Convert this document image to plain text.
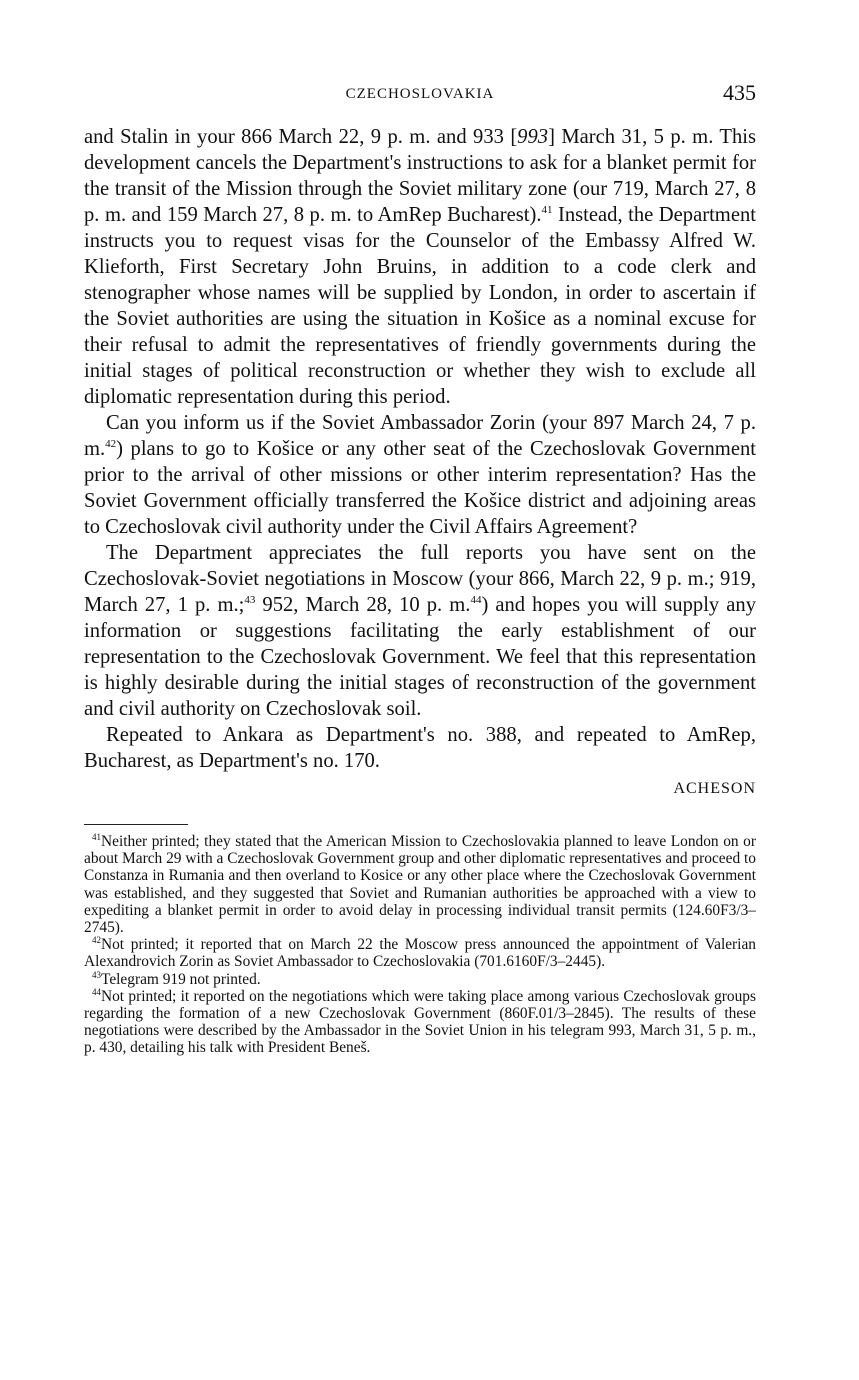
CZECHOSLOVAKIA	435

and Stalin in your 866 March 22, 9 p. m. and 933 [993] March 31, 5 p. m. This development cancels the Department's instructions to ask for a blanket permit for the transit of the Mission through the Soviet military zone (our 719, March 27, 8 p. m. and 159 March 27, 8 p. m. to AmRep Bucharest).$^{41}$ Instead, the Department instructs you to request visas for the Counselor of the Embassy Alfred W. Klieforth, First Secretary John Bruins, in addition to a code clerk and stenographer whose names will be supplied by London, in order to ascertain if the Soviet authorities are using the situation in Košice as a nominal excuse for their refusal to admit the representatives of friendly governments during the initial stages of political reconstruction or whether they wish to exclude all diplomatic representation during this period.

Can you inform us if the Soviet Ambassador Zorin (your 897 March 24, 7 p. m.$^{42}$) plans to go to Košice or any other seat of the Czechoslovak Government prior to the arrival of other missions or other interim representation? Has the Soviet Government officially transferred the Košice district and adjoining areas to Czechoslovak civil authority under the Civil Affairs Agreement?

The Department appreciates the full reports you have sent on the Czechoslovak-Soviet negotiations in Moscow (your 866, March 22, 9 p. m.; 919, March 27, 1 p. m.;$^{43}$ 952, March 28, 10 p. m.$^{44}$) and hopes you will supply any information or suggestions facilitating the early establishment of our representation to the Czechoslovak Government. We feel that this representation is highly desirable during the initial stages of reconstruction of the government and civil authority on Czechoslovak soil.

Repeated to Ankara as Department's no. 388, and repeated to AmRep, Bucharest, as Department's no. 170.

ACHESON

$^{41}$Neither printed; they stated that the American Mission to Czechoslovakia planned to leave London on or about March 29 with a Czechoslovak Government group and other diplomatic representatives and proceed to Constanza in Rumania and then overland to Kosice or any other place where the Czechoslovak Government was established, and they suggested that Soviet and Rumanian authorities be approached with a view to expediting a blanket permit in order to avoid delay in processing individual transit permits (124.60F3/3–2745).

$^{42}$Not printed; it reported that on March 22 the Moscow press announced the appointment of Valerian Alexandrovich Zorin as Soviet Ambassador to Czechoslovakia (701.6160F/3–2445).

$^{43}$Telegram 919 not printed.

$^{44}$Not printed; it reported on the negotiations which were taking place among various Czechoslovak groups regarding the formation of a new Czechoslovak Government (860F.01/3–2845). The results of these negotiations were described by the Ambassador in the Soviet Union in his telegram 993, March 31, 5 p. m., p. 430, detailing his talk with President Beneš.
